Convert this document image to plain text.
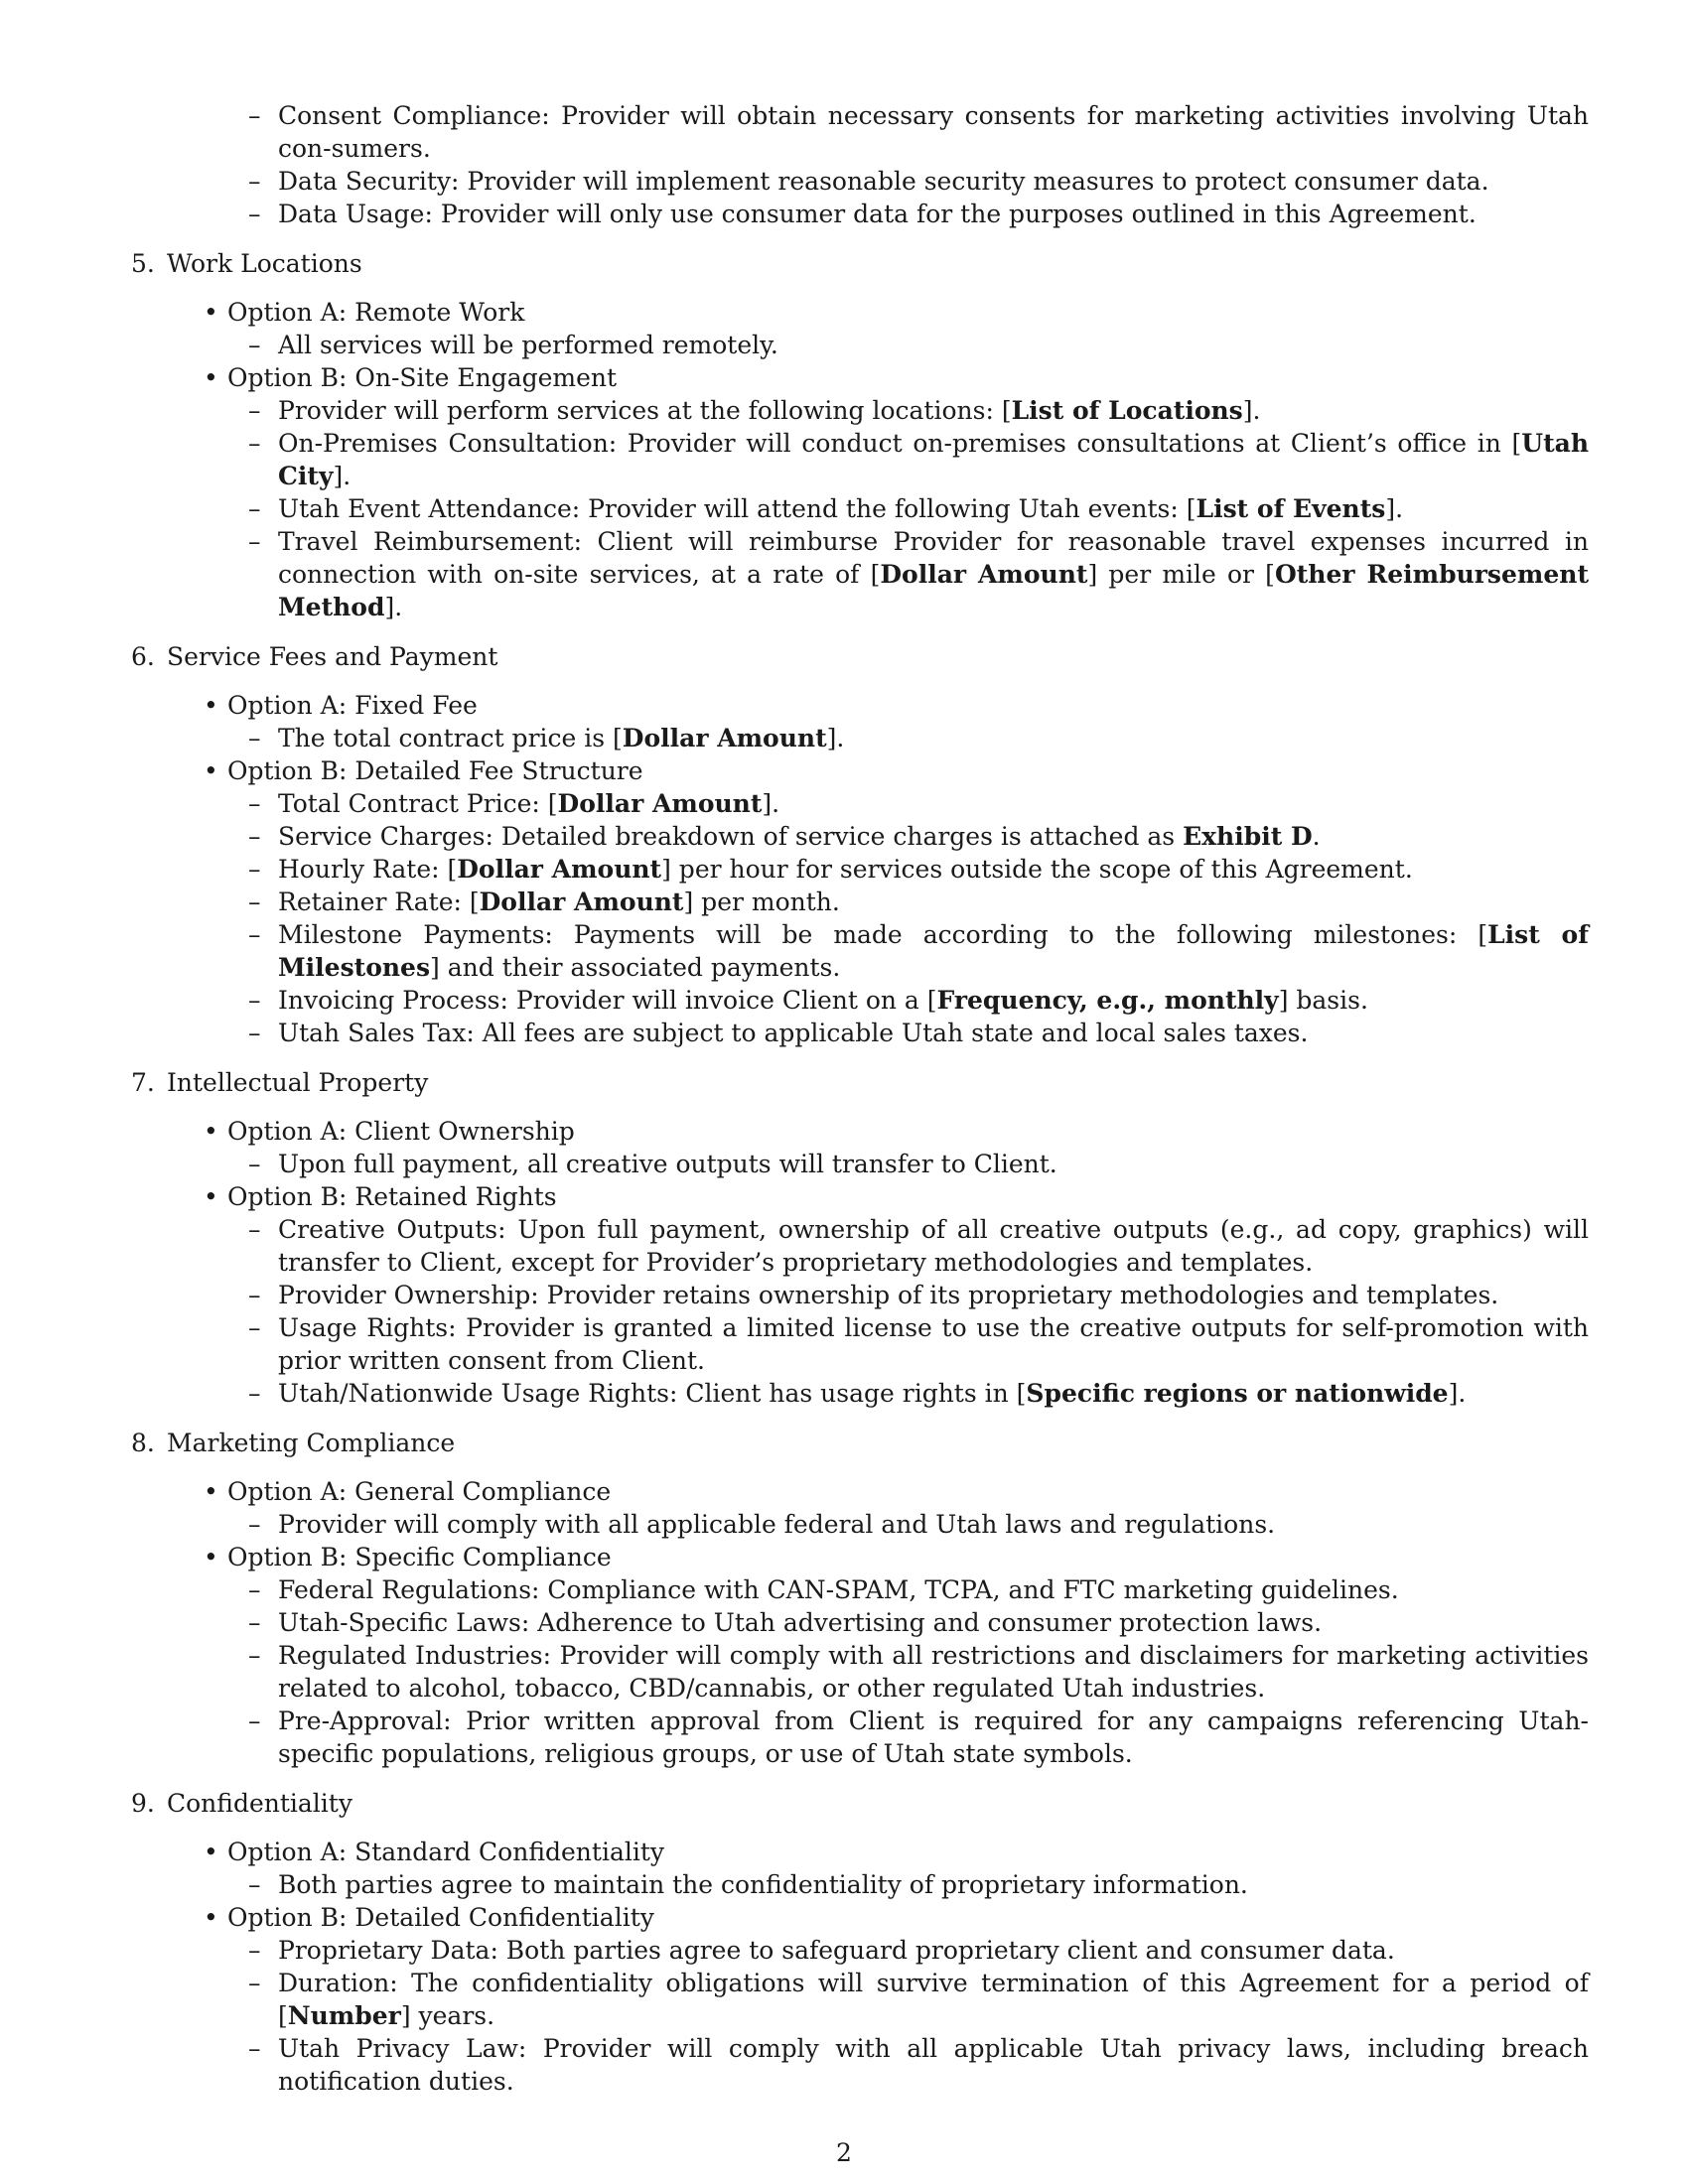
– Consent Compliance: Provider will obtain necessary consents for marketing activities involving Utah con-sumers.
– Data Security: Provider will implement reasonable security measures to protect consumer data.
– Data Usage: Provider will only use consumer data for the purposes outlined in this Agreement.
5. Work Locations
• Option A: Remote Work
– All services will be performed remotely.
• Option B: On-Site Engagement
– Provider will perform services at the following locations: [List of Locations].
– On-Premises Consultation: Provider will conduct on-premises consultations at Client’s office in [Utah City].
– Utah Event Attendance: Provider will attend the following Utah events: [List of Events].
– Travel Reimbursement: Client will reimburse Provider for reasonable travel expenses incurred in connection with on-site services, at a rate of [Dollar Amount] per mile or [Other Reimbursement Method].
6. Service Fees and Payment
• Option A: Fixed Fee
– The total contract price is [Dollar Amount].
• Option B: Detailed Fee Structure
– Total Contract Price: [Dollar Amount].
– Service Charges: Detailed breakdown of service charges is attached as Exhibit D.
– Hourly Rate: [Dollar Amount] per hour for services outside the scope of this Agreement.
– Retainer Rate: [Dollar Amount] per month.
– Milestone Payments: Payments will be made according to the following milestones: [List of Milestones] and their associated payments.
– Invoicing Process: Provider will invoice Client on a [Frequency, e.g., monthly] basis.
– Utah Sales Tax: All fees are subject to applicable Utah state and local sales taxes.
7. Intellectual Property
• Option A: Client Ownership
– Upon full payment, all creative outputs will transfer to Client.
• Option B: Retained Rights
– Creative Outputs: Upon full payment, ownership of all creative outputs (e.g., ad copy, graphics) will transfer to Client, except for Provider’s proprietary methodologies and templates.
– Provider Ownership: Provider retains ownership of its proprietary methodologies and templates.
– Usage Rights: Provider is granted a limited license to use the creative outputs for self-promotion with prior written consent from Client.
– Utah/Nationwide Usage Rights: Client has usage rights in [Specific regions or nationwide].
8. Marketing Compliance
• Option A: General Compliance
– Provider will comply with all applicable federal and Utah laws and regulations.
• Option B: Specific Compliance
– Federal Regulations: Compliance with CAN-SPAM, TCPA, and FTC marketing guidelines.
– Utah-Specific Laws: Adherence to Utah advertising and consumer protection laws.
– Regulated Industries: Provider will comply with all restrictions and disclaimers for marketing activities related to alcohol, tobacco, CBD/cannabis, or other regulated Utah industries.
– Pre-Approval: Prior written approval from Client is required for any campaigns referencing Utah-specific populations, religious groups, or use of Utah state symbols.
9. Confidentiality
• Option A: Standard Confidentiality
– Both parties agree to maintain the confidentiality of proprietary information.
• Option B: Detailed Confidentiality
– Proprietary Data: Both parties agree to safeguard proprietary client and consumer data.
– Duration: The confidentiality obligations will survive termination of this Agreement for a period of [Number] years.
– Utah Privacy Law: Provider will comply with all applicable Utah privacy laws, including breach notification duties.
2
